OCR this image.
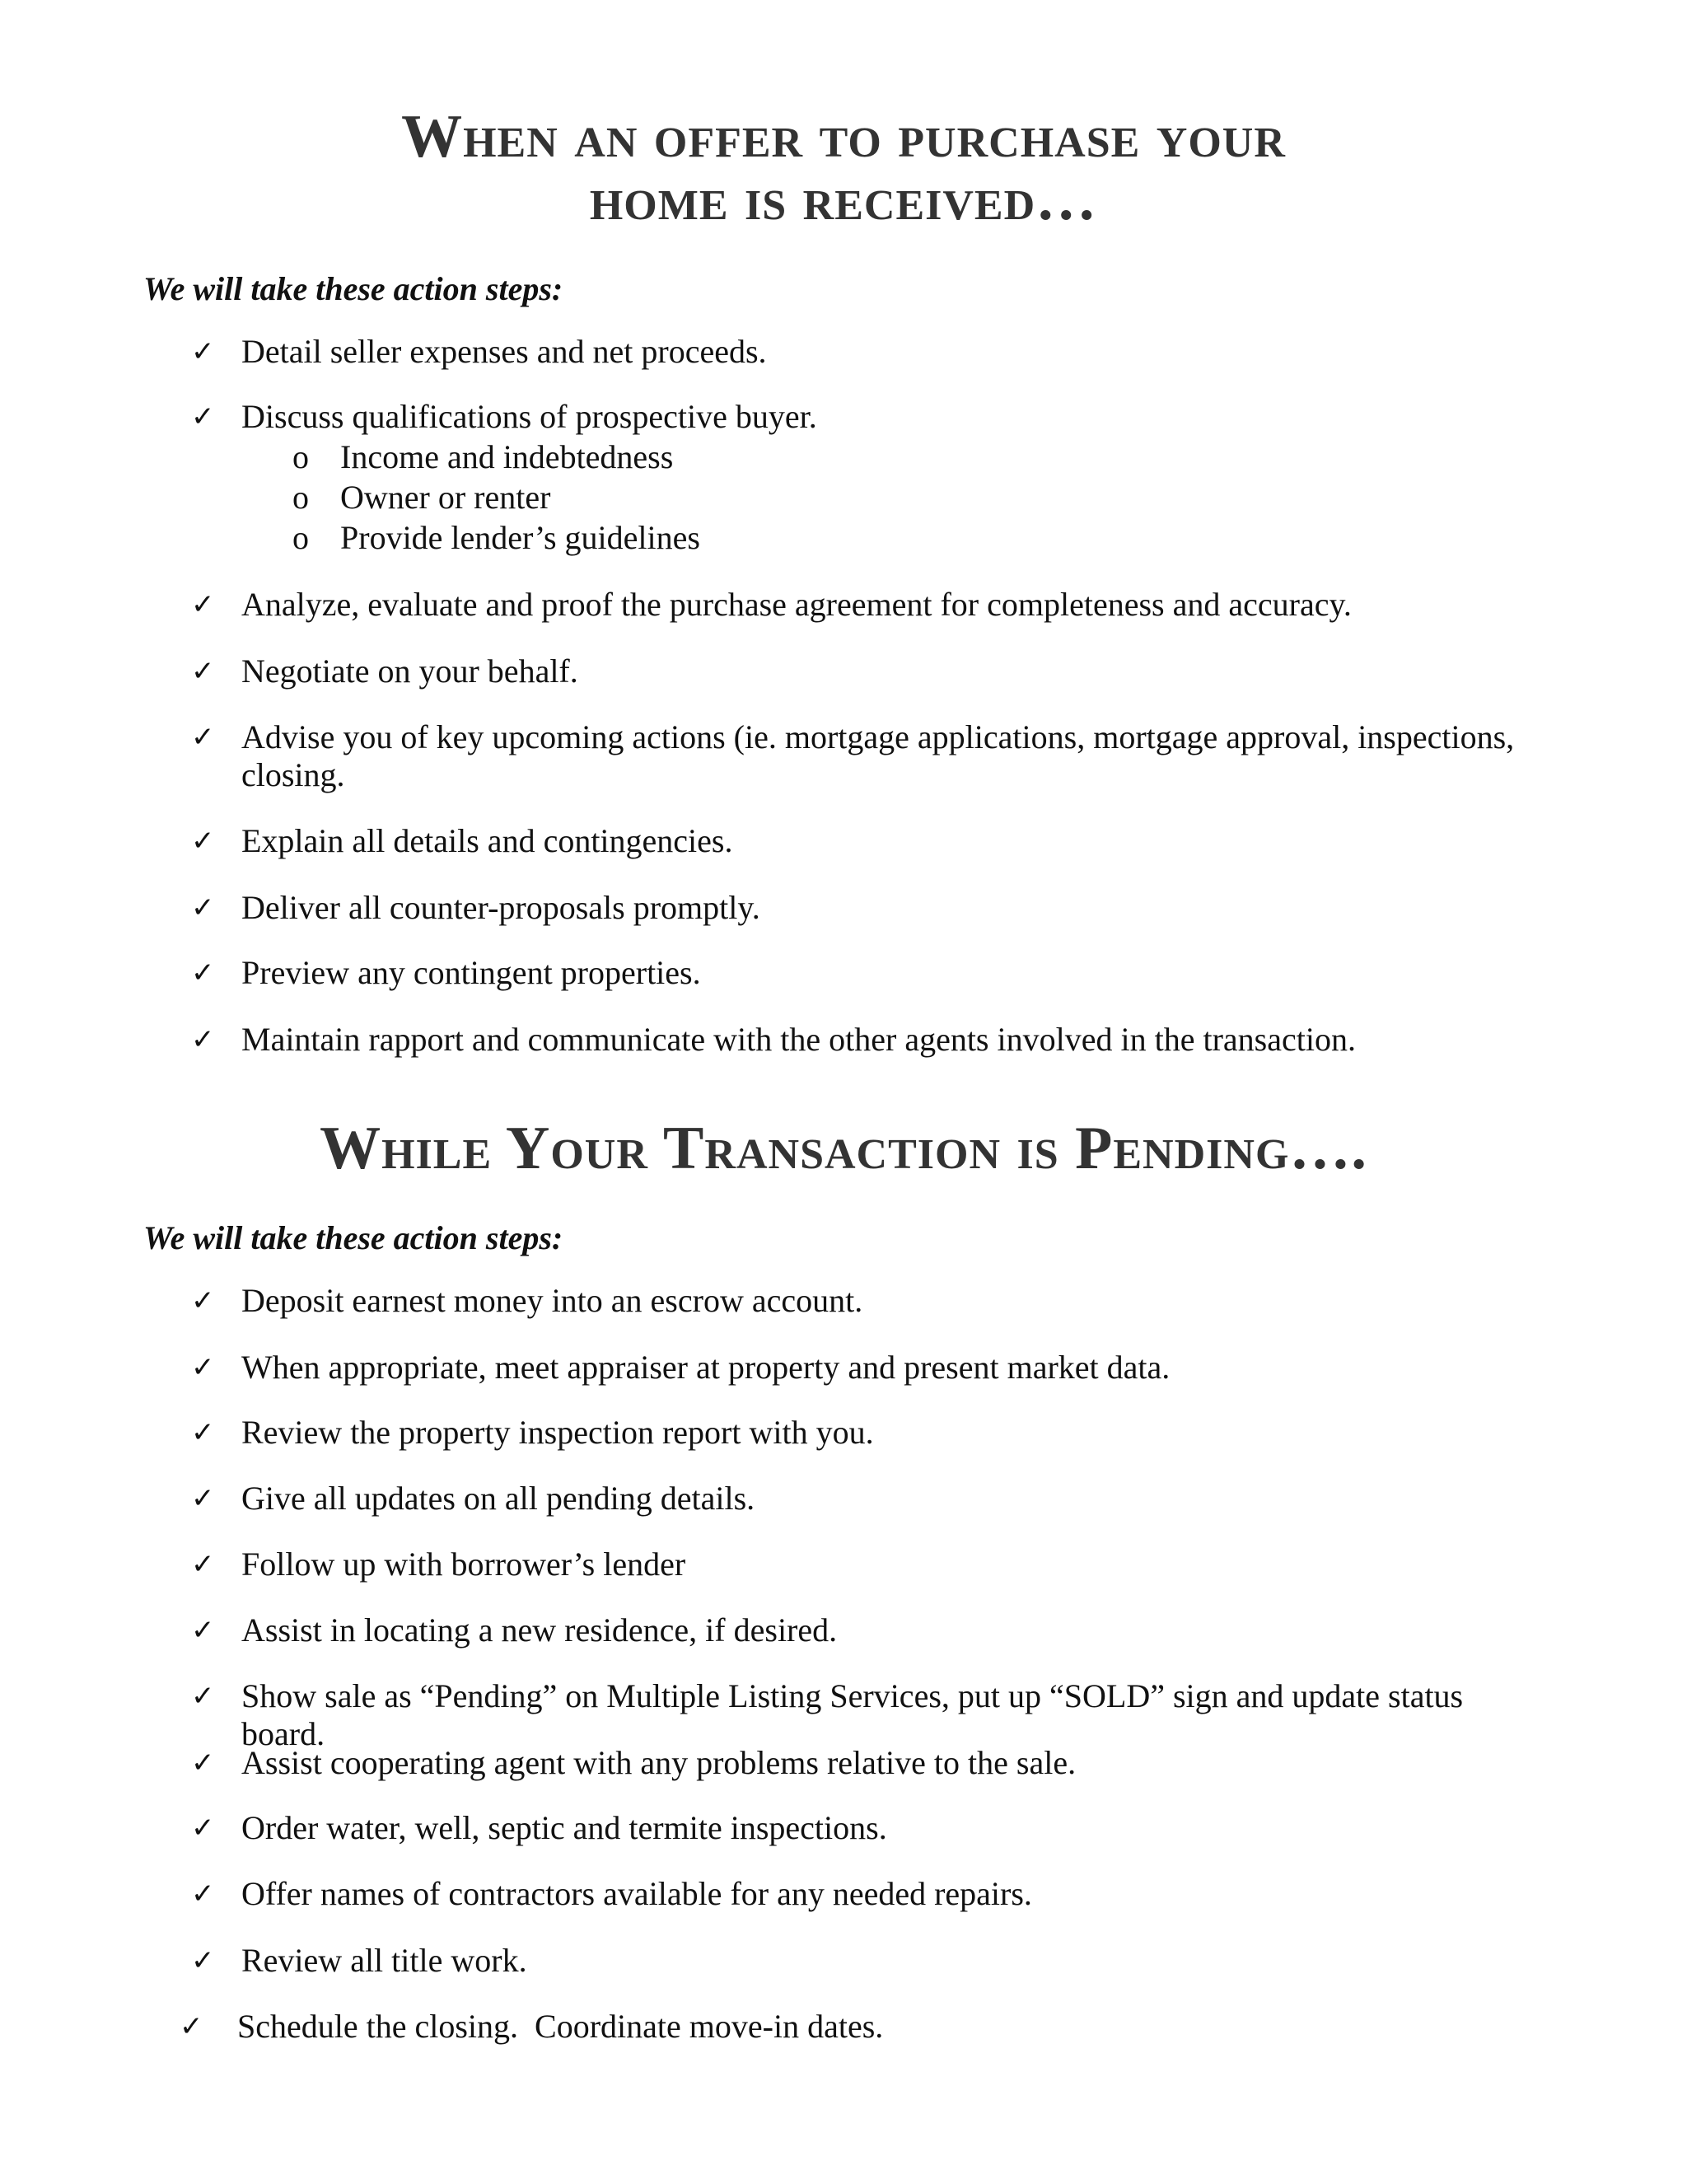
When an offer to purchase your
home is received…
We will take these action steps:
✓ Detail seller expenses and net proceeds.
✓ Discuss qualifications of prospective buyer.
o Income and indebtedness
o Owner or renter
o Provide lender’s guidelines
✓ Analyze, evaluate and proof the purchase agreement for completeness and accuracy.
✓ Negotiate on your behalf.
✓ Advise you of key upcoming actions (ie. mortgage applications, mortgage approval, inspections, closing.
✓ Explain all details and contingencies.
✓ Deliver all counter-proposals promptly.
✓ Preview any contingent properties.
✓ Maintain rapport and communicate with the other agents involved in the transaction.
While Your Transaction is Pending….
We will take these action steps:
✓ Deposit earnest money into an escrow account.
✓ When appropriate, meet appraiser at property and present market data.
✓ Review the property inspection report with you.
✓ Give all updates on all pending details.
✓ Follow up with borrower’s lender
✓ Assist in locating a new residence, if desired.
✓ Show sale as “Pending” on Multiple Listing Services, put up “SOLD” sign and update status board.
✓ Assist cooperating agent with any problems relative to the sale.
✓ Order water, well, septic and termite inspections.
✓ Offer names of contractors available for any needed repairs.
✓ Review all title work.
✓ Schedule the closing.  Coordinate move-in dates.
